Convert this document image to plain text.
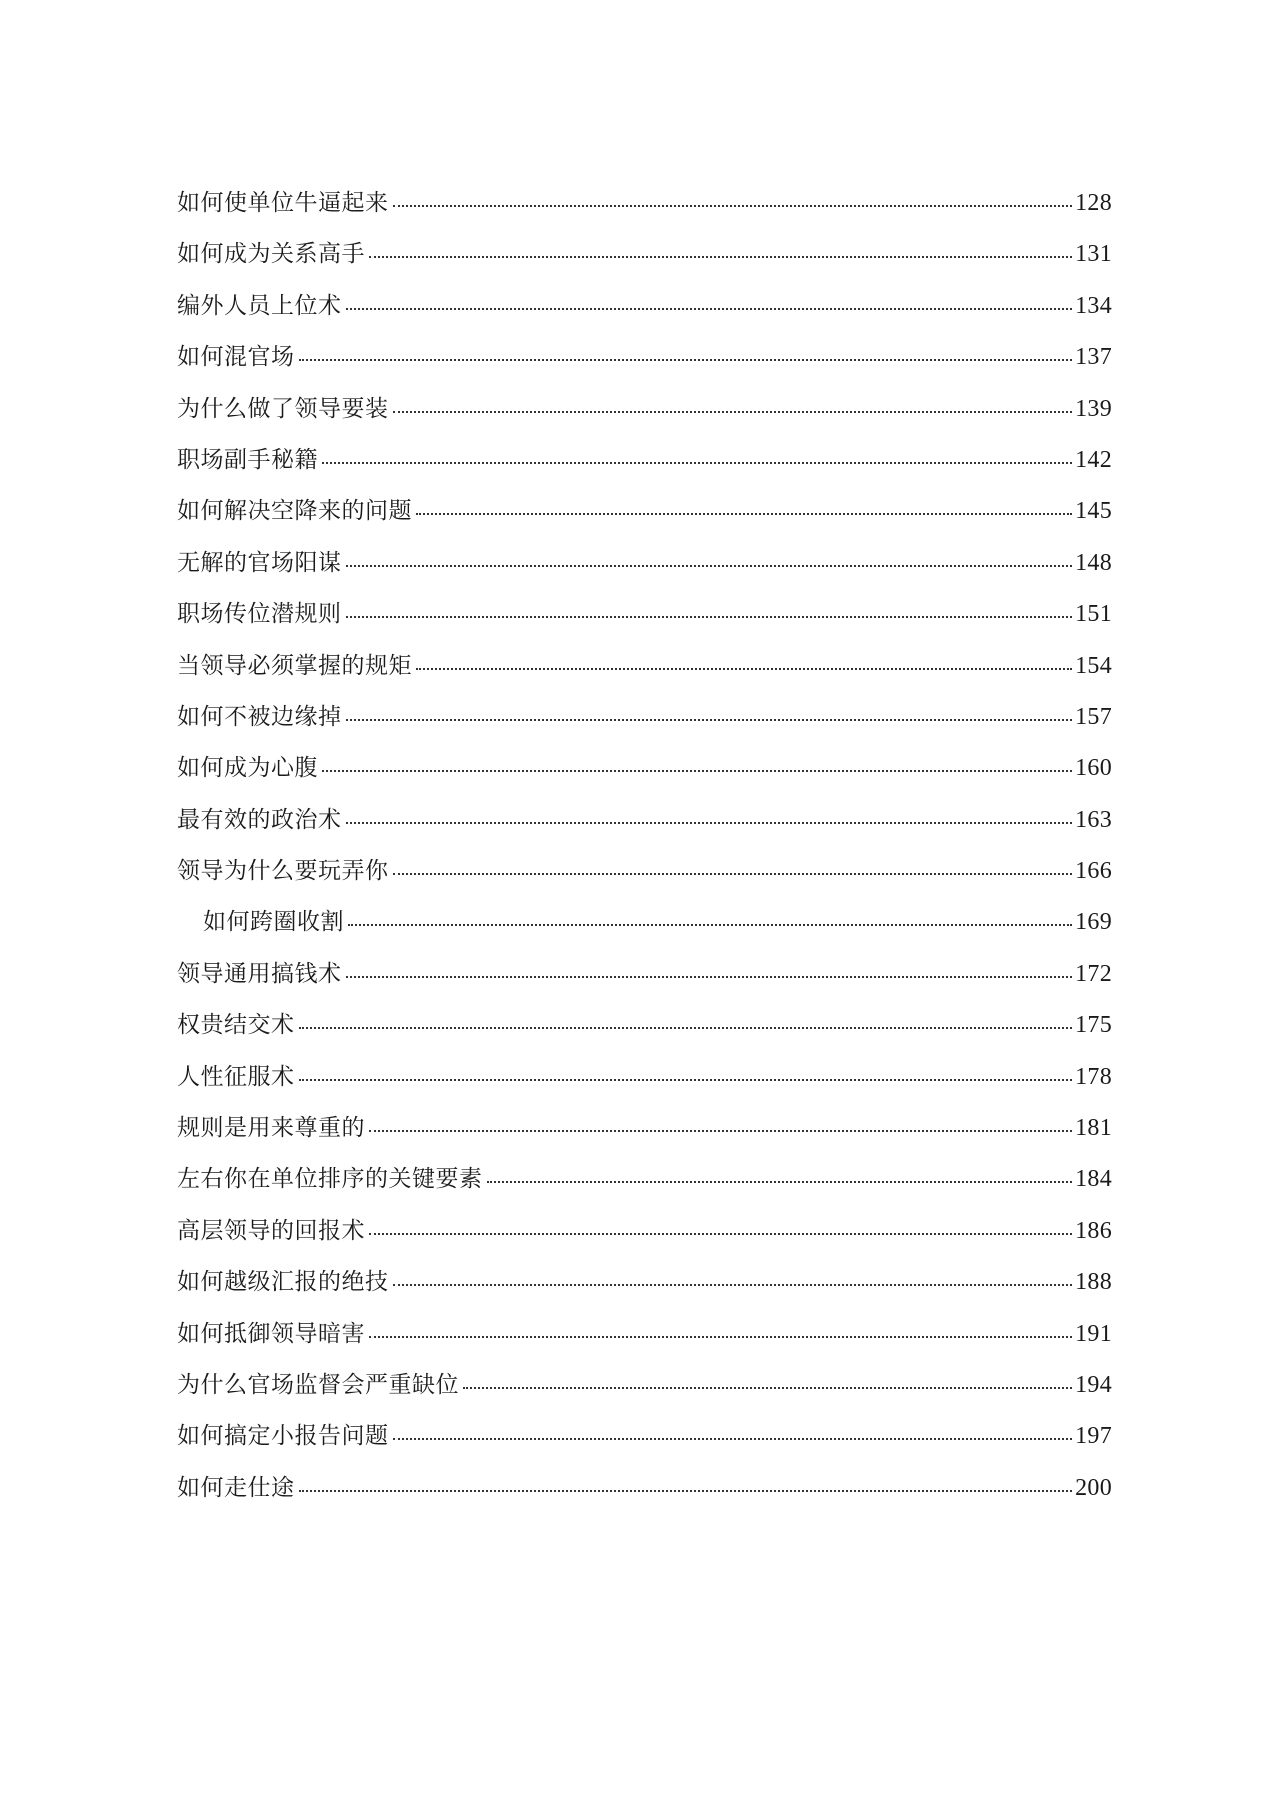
如何使单位牛逼起来	128
如何成为关系高手	131
编外人员上位术	134
如何混官场	137
为什么做了领导要装	139
职场副手秘籍	142
如何解决空降来的问题	145
无解的官场阳谋	148
职场传位潜规则	151
当领导必须掌握的规矩	154
如何不被边缘掉	157
如何成为心腹	160
最有效的政治术	163
领导为什么要玩弄你	166
如何跨圈收割	169
领导通用搞钱术	172
权贵结交术	175
人性征服术	178
规则是用来尊重的	181
左右你在单位排序的关键要素	184
高层领导的回报术	186
如何越级汇报的绝技	188
如何抵御领导暗害	191
为什么官场监督会严重缺位	194
如何搞定小报告问题	197
如何走仕途	200
